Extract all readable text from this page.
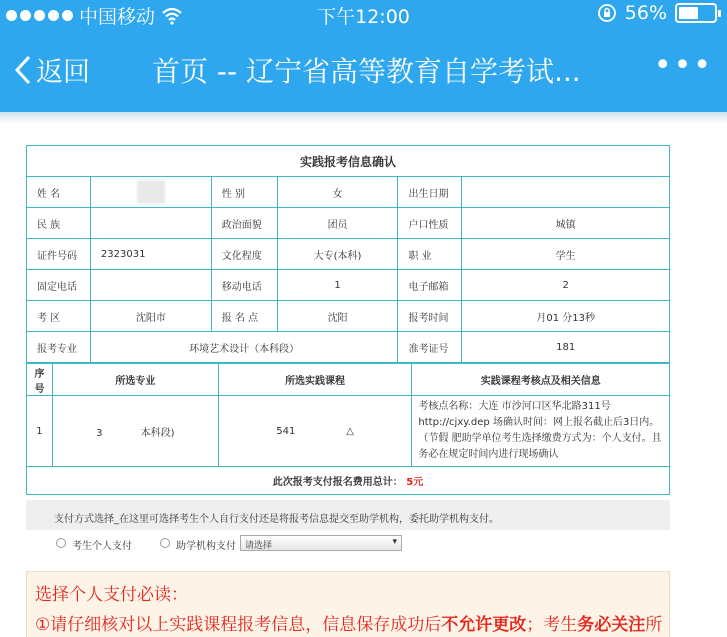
中国移动	下午12:00	56%
返回 首页 -- 辽宁省高等教育自学考试... •••
实践报考信息确认					
姓 名		性 别	女	出生日期	
民 族		政治面貌	团员	户口性质	城镇
证件号码	2323031	文化程度	大专(本科)	职 业	学生
固定电话		移动电话	1	电子邮箱	2
考 区	沈阳市	报 名 点	沈阳	报考时间	月01 分13秒
报考专业	环境艺术设计（本科段）			准考证号	181
序号	所选专业	所选实践课程	实践课程考核点及相关信息
1	3 本科段)	541 △	考核点名称：大连 市沙河口区华北路311号 http://cjxy.dep 场确认时间：网上报名截止后3日内。（节假 肥助学单位考生选择缴费方式为：个人支付。且务必在规定时间内进行现场确认
此次报考支付报名费用总计： 5元			
支付方式选择_在这里可选择考生个人自行支付还是将报考信息提交至助学机构，委托助学机构支付。
考生个人支付	助学机构支付	请选择	▾
选择个人支付必读：
①请仔细核对以上实践课程报考信息，信息保存成功后不允许更改；考生务必关注所
